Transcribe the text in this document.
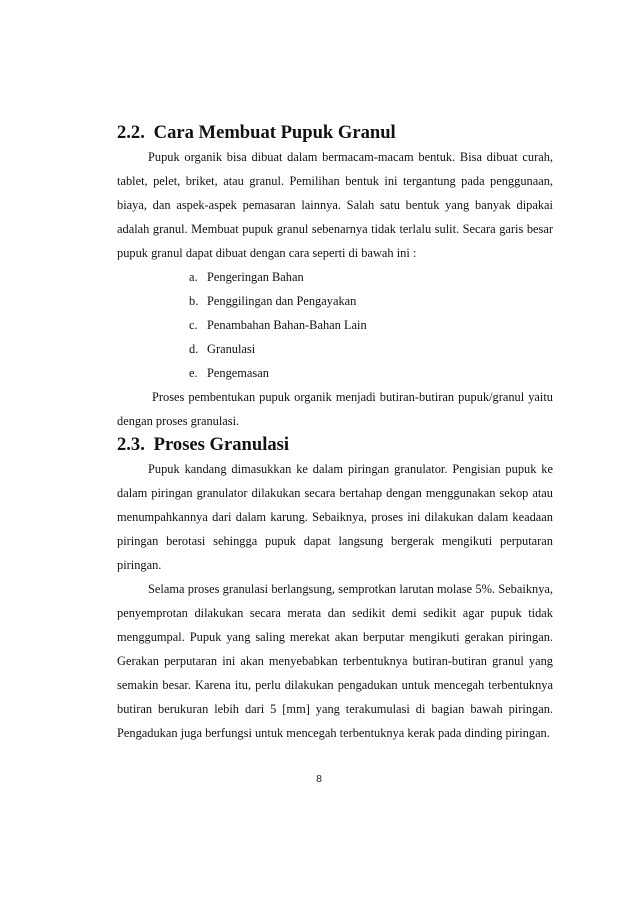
2.2. Cara Membuat Pupuk Granul

Pupuk organik bisa dibuat dalam bermacam-macam bentuk. Bisa dibuat curah, tablet, pelet, briket, atau granul. Pemilihan bentuk ini tergantung pada penggunaan, biaya, dan aspek-aspek pemasaran lainnya. Salah satu bentuk yang banyak dipakai adalah granul. Membuat pupuk granul sebenarnya tidak terlalu sulit. Secara garis besar pupuk granul dapat dibuat dengan cara seperti di bawah ini :

a. Pengeringan Bahan
b. Penggilingan dan Pengayakan
c. Penambahan Bahan-Bahan Lain
d. Granulasi
e. Pengemasan

Proses pembentukan pupuk organik menjadi butiran-butiran pupuk/granul yaitu dengan proses granulasi.

2.3. Proses Granulasi

Pupuk kandang dimasukkan ke dalam piringan granulator. Pengisian pupuk ke dalam piringan granulator dilakukan secara bertahap dengan menggunakan sekop atau menumpahkannya dari dalam karung. Sebaiknya, proses ini dilakukan dalam keadaan piringan berotasi sehingga pupuk dapat langsung bergerak mengikuti perputaran piringan.

Selama proses granulasi berlangsung, semprotkan larutan molase 5%. Sebaiknya, penyemprotan dilakukan secara merata dan sedikit demi sedikit agar pupuk tidak menggumpal. Pupuk yang saling merekat akan berputar mengikuti gerakan piringan. Gerakan perputaran ini akan menyebabkan terbentuknya butiran-butiran granul yang semakin besar. Karena itu, perlu dilakukan pengadukan untuk mencegah terbentuknya butiran berukuran lebih dari 5 [mm] yang terakumulasi di bagian bawah piringan. Pengadukan juga berfungsi untuk mencegah terbentuknya kerak pada dinding piringan.

8
